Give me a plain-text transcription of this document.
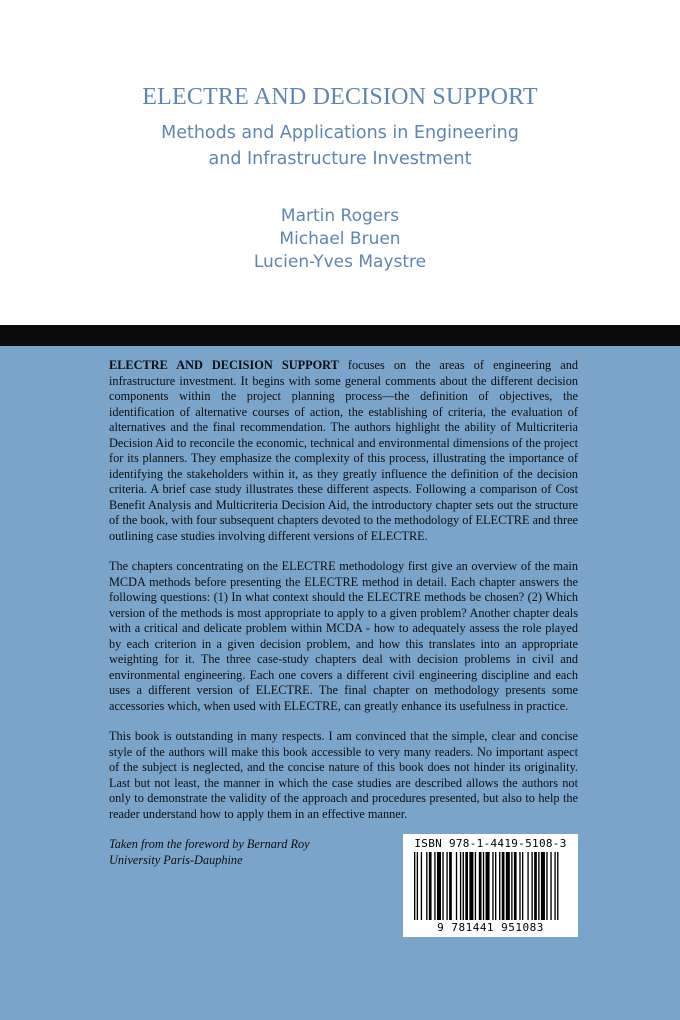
ELECTRE AND DECISION SUPPORT
Methods and Applications in Engineering
and Infrastructure Investment
Martin Rogers
Michael Bruen
Lucien-Yves Maystre

ELECTRE AND DECISION SUPPORT focuses on the areas of engineering and infrastructure investment. It begins with some general comments about the different decision components within the project planning process—the definition of objectives, the identification of alternative courses of action, the establishing of criteria, the evaluation of alternatives and the final recommendation. The authors highlight the ability of Multicriteria Decision Aid to reconcile the economic, technical and environmental dimensions of the project for its planners. They emphasize the complexity of this process, illustrating the importance of identifying the stakeholders within it, as they greatly influence the definition of the decision criteria. A brief case study illustrates these different aspects. Following a comparison of Cost Benefit Analysis and Multicriteria Decision Aid, the introductory chapter sets out the structure of the book, with four subsequent chapters devoted to the methodology of ELECTRE and three outlining case studies involving different versions of ELECTRE.

The chapters concentrating on the ELECTRE methodology first give an overview of the main MCDA methods before presenting the ELECTRE method in detail. Each chapter answers the following questions: (1) In what context should the ELECTRE methods be chosen? (2) Which version of the methods is most appropriate to apply to a given problem? Another chapter deals with a critical and delicate problem within MCDA - how to adequately assess the role played by each criterion in a given decision problem, and how this translates into an appropriate weighting for it. The three case-study chapters deal with decision problems in civil and environmental engineering. Each one covers a different civil engineering discipline and each uses a different version of ELECTRE. The final chapter on methodology presents some accessories which, when used with ELECTRE, can greatly enhance its usefulness in practice.

This book is outstanding in many respects. I am convinced that the simple, clear and concise style of the authors will make this book accessible to very many readers. No important aspect of the subject is neglected, and the concise nature of this book does not hinder its originality. Last but not least, the manner in which the case studies are described allows the authors not only to demonstrate the validity of the approach and procedures presented, but also to help the reader understand how to apply them in an effective manner.

Taken from the foreword by Bernard Roy
University Paris-Dauphine
ISBN 978-1-4419-5108-3
9 781441 951083
